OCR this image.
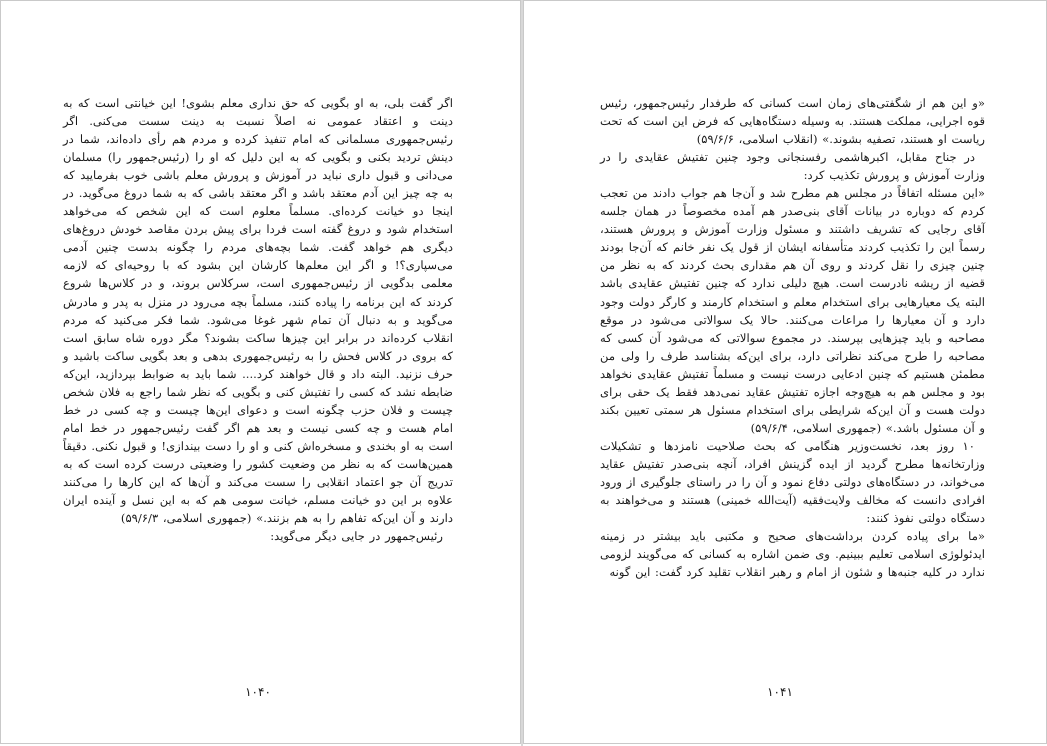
اگر گفت بلی، به او بگویی که حق نداری معلم بشوی! این خیانتی است که به دینت و اعتقاد عمومی نه اصلاً نسبت به دینت سست می‌کنی. اگر رئیس‌جمهوری مسلمانی که امام تنفیذ کرده و مردم هم رأی داده‌اند، شما در دینش تردید بکنی و بگویی که به این دلیل که او را (رئیس‌جمهور را) مسلمان می‌دانی و قبول داری نباید در آموزش و پرورش معلم باشی خوب بفرمایید که به چه چیز این آدم معتقد باشد و اگر معتقد باشی که به شما دروغ می‌گوید. در اینجا دو خیانت کرده‌ای. مسلماً معلوم است که این شخص که می‌خواهد استخدام شود و دروغ گفته است فردا برای پیش بردن مقاصد خودش دروغ‌های دیگری هم خواهد گفت. شما بچه‌های مردم را چگونه بدست چنین آدمی می‌سپاری؟! و اگر این معلم‌ها کارشان این بشود که با روحیه‌ای که لازمه معلمی بدگویی از رئیس‌جمهوری است، سرکلاس بروند، و در کلاس‌ها شروع کردند که این برنامه را پیاده کنند، مسلماً بچه می‌رود در منزل به پدر و مادرش می‌گوید و به دنبال آن تمام شهر غوغا می‌شود. شما فکر می‌کنید که مردم انقلاب کرده‌اند در برابر این چیزها ساکت بشوند؟ مگر دوره شاه سابق است که بروی در کلاس فحش را به رئیس‌جمهوری بدهی و بعد بگویی ساکت باشید و حرف نزنید. البته داد و قال خواهند کرد.... شما باید به ضوابط بپردازید، این‌که ضابطه نشد که کسی را تفتیش کنی و بگویی که نظر شما راجع به فلان شخص چیست و فلان حزب چگونه است و دعوای این‌ها چیست و چه کسی در خط امام هست و چه کسی نیست و بعد هم اگر گفت رئیس‌جمهور در خط امام است به او بخندی و مسخره‌اش کنی و او را دست بیندازی! و قبول نکنی. دقیقاً همین‌هاست که به نظر من وضعیت کشور را وضعیتی درست کرده است که به تدریج آن جو اعتماد انقلابی را سست می‌کند و آن‌ها که این کارها را می‌کنند علاوه بر این دو خیانت مسلم، خیانت سومی هم که به این نسل و آینده ایران دارند و آن این‌که تفاهم را به هم بزنند.» (جمهوری اسلامی، ۵۹/۶/۳)

رئیس‌جمهور در جایی دیگر می‌گوید:

۱۰۴۰

«و این هم از شگفتی‌های زمان است کسانی که طرفدار رئیس‌جمهور، رئیس قوه اجرایی، مملکت هستند. به وسیله دستگاه‌هایی که فرض این است که تحت ریاست او هستند، تصفیه بشوند.» (انقلاب اسلامی، ۵۹/۶/۶)

در جناح مقابل، اکبرهاشمی رفسنجانی وجود چنین تفتیش عقایدی را در وزارت آموزش و پرورش تکذیب کرد:

«این مسئله اتفاقاً در مجلس هم مطرح شد و آن‌جا هم جواب دادند من تعجب کردم که دوباره در بیانات آقای بنی‌صدر هم آمده مخصوصاً در همان جلسه آقای رجایی که تشریف داشتند و مسئول وزارت آموزش و پرورش هستند، رسماً این را تکذیب کردند متأسفانه ایشان از قول یک نفر خانم که آن‌جا بودند چنین چیزی را نقل کردند و روی آن هم مقداری بحث کردند که به نظر من قضیه از ریشه نادرست است. هیچ دلیلی ندارد که چنین تفتیش عقایدی باشد البته یک معیارهایی برای استخدام معلم و استخدام کارمند و کارگر دولت وجود دارد و آن معیارها را مراعات می‌کنند. حالا یک سوالاتی می‌شود در موقع مصاحبه و باید چیزهایی بپرسند. در مجموع سوالاتی که می‌شود آن کسی که مصاحبه را طرح می‌کند نظراتی دارد، برای این‌که بشناسد طرف را ولی من مطمئن هستیم که چنین ادعایی درست نیست و مسلماً تفتیش عقایدی نخواهد بود و مجلس هم به هیچ‌وجه اجازه تفتیش عقاید نمی‌دهد فقط یک حقی برای دولت هست و آن این‌که شرایطی برای استخدام مسئول هر سمتی تعیین بکند و آن مسئول باشد.» (جمهوری اسلامی، ۵۹/۶/۴)

۱۰ روز بعد، نخست‌وزیر هنگامی که بحث صلاحیت نامزدها و تشکیلات وزارتخانه‌ها مطرح گردید از ایده گزینش افراد، آنچه بنی‌صدر تفتیش عقاید می‌خواند، در دستگاه‌های دولتی دفاع نمود و آن را در راستای جلوگیری از ورود افرادی دانست که مخالف ولایت‌فقیه (آیت‌الله خمینی) هستند و می‌خواهند به دستگاه دولتی نفوذ کنند:

«ما برای پیاده کردن برداشت‌های صحیح و مکتبی باید بیشتر در زمینه ایدئولوژی اسلامی تعلیم ببینیم. وی ضمن اشاره به کسانی که می‌گویند لزومی ندارد در کلیه جنبه‌ها و شئون از امام و رهبر انقلاب تقلید کرد گفت: این گونه

۱۰۴۱
